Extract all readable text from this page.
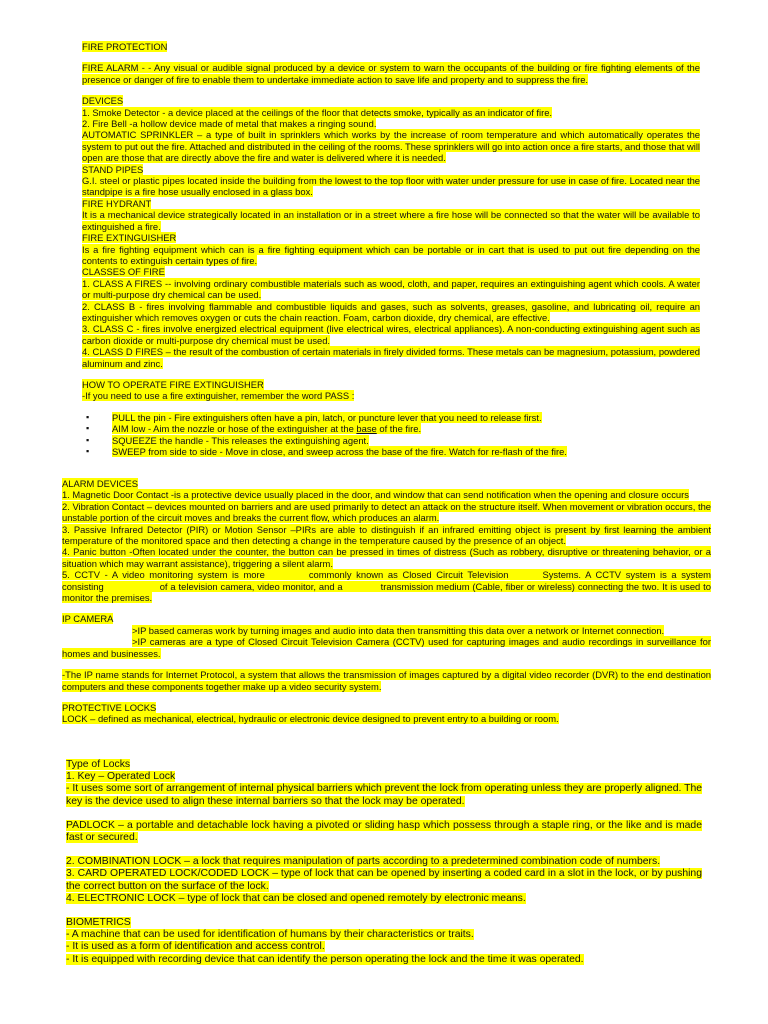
FIRE PROTECTION
FIRE ALARM - - Any visual or audible signal produced by a device or system to warn the occupants of the building or fire fighting elements of the presence or danger of fire to enable them to undertake immediate action to save life and property and to suppress the fire.
DEVICES
1. Smoke Detector - a device placed at the ceilings of the floor that detects smoke, typically as an indicator of fire.
2. Fire Bell -a hollow device made of metal that makes a ringing sound.
AUTOMATIC SPRINKLER – a type of built in sprinklers which works by the increase of room temperature and which automatically operates the system to put out the fire. Attached and distributed in the ceiling of the rooms. These sprinklers will go into action once a fire starts, and those that will open are those that are directly above the fire and water is delivered where it is needed.
STAND PIPES
G.I. steel or plastic pipes located inside the building from the lowest to the top floor with water under pressure for use in case of fire. Located near the standpipe is a fire hose usually enclosed in a glass box.
FIRE HYDRANT
It is a mechanical device strategically located in an installation or in a street where a fire hose will be connected so that the water will be available to extinguished a fire.
FIRE EXTINGUISHER
Is a fire fighting equipment which can is a fire fighting equipment which can be portable or in cart that is used to put out fire depending on the contents to extinguish certain types of fire.
CLASSES OF FIRE
1. CLASS A FIRES -- involving ordinary combustible materials such as wood, cloth, and paper, requires an extinguishing agent which cools. A water or multi-purpose dry chemical can be used.
2. CLASS B - fires involving flammable and combustible liquids and gases, such as solvents, greases, gasoline, and lubricating oil, require an extinguisher which removes oxygen or cuts the chain reaction. Foam, carbon dioxide, dry chemical, are effective.
3. CLASS C - fires involve energized electrical equipment (live electrical wires, electrical appliances). A non-conducting extinguishing agent such as carbon dioxide or multi-purpose dry chemical must be used.
4. CLASS D FIRES – the result of the combustion of certain materials in firely divided forms. These metals can be magnesium, potassium, powdered aluminum and zinc.
HOW TO OPERATE FIRE EXTINGUISHER
-If you need to use a fire extinguisher, remember the word PASS :
▪ PULL the pin - Fire extinguishers often have a pin, latch, or puncture lever that you need to release first.
▪ AIM low - Aim the nozzle or hose of the extinguisher at the base of the fire.
▪ SQUEEZE the handle - This releases the extinguishing agent.
▪ SWEEP from side to side - Move in close, and sweep across the base of the fire. Watch for re-flash of the fire.
ALARM DEVICES
1. Magnetic Door Contact -is a protective device usually placed in the door, and window that can send notification when the opening and closure occurs
2. Vibration Contact – devices mounted on barriers and are used primarily to detect an attack on the structure itself. When movement or vibration occurs, the unstable portion of the circuit moves and breaks the current flow, which produces an alarm.
3. Passive Infrared Detector (PIR) or Motion Sensor –PIRs are able to distinguish if an infrared emitting object is present by first learning the ambient temperature of the monitored space and then detecting a change in the temperature caused by the presence of an object.
4. Panic button -Often located under the counter, the button can be pressed in times of distress (Such as robbery, disruptive or threatening behavior, or a situation which may warrant assistance), triggering a silent alarm.
5. CCTV - A video monitoring system is more	commonly known as Closed Circuit Television	Systems. A CCTV system is a system consisting	of a television camera, video monitor, and a	transmission medium (Cable, fiber or wireless) connecting the two. It is used to monitor the premises.
IP CAMERA
>IP based cameras work by turning images and audio into data then transmitting this data over a network or Internet connection.
>IP cameras are a type of Closed Circuit Television Camera (CCTV) used for capturing images and audio recordings in surveillance for homes and businesses.
-The IP name stands for Internet Protocol, a system that allows the transmission of images captured by a digital video recorder (DVR) to the end destination computers and these components together make up a video security system.
PROTECTIVE LOCKS
LOCK – defined as mechanical, electrical, hydraulic or electronic device designed to prevent entry to a building or room.
Type of Locks
1. Key – Operated Lock
- It uses some sort of arrangement of internal physical barriers which prevent the lock from operating unless they are properly aligned. The key is the device used to align these internal barriers so that the lock may be operated.
PADLOCK – a portable and detachable lock having a pivoted or sliding hasp which possess through a staple ring, or the like and is made fast or secured.
2. COMBINATION LOCK – a lock that requires manipulation of parts according to a predetermined combination code of numbers.
3. CARD OPERATED LOCK/CODED LOCK – type of lock that can be opened by inserting a coded card in a slot in the lock, or by pushing the correct button on the surface of the lock.
4. ELECTRONIC LOCK – type of lock that can be closed and opened remotely by electronic means.
BIOMETRICS
- A machine that can be used for identification of humans by their characteristics or traits.
- It is used as a form of identification and access control.
- It is equipped with recording device that can identify the person operating the lock and the time it was operated.
